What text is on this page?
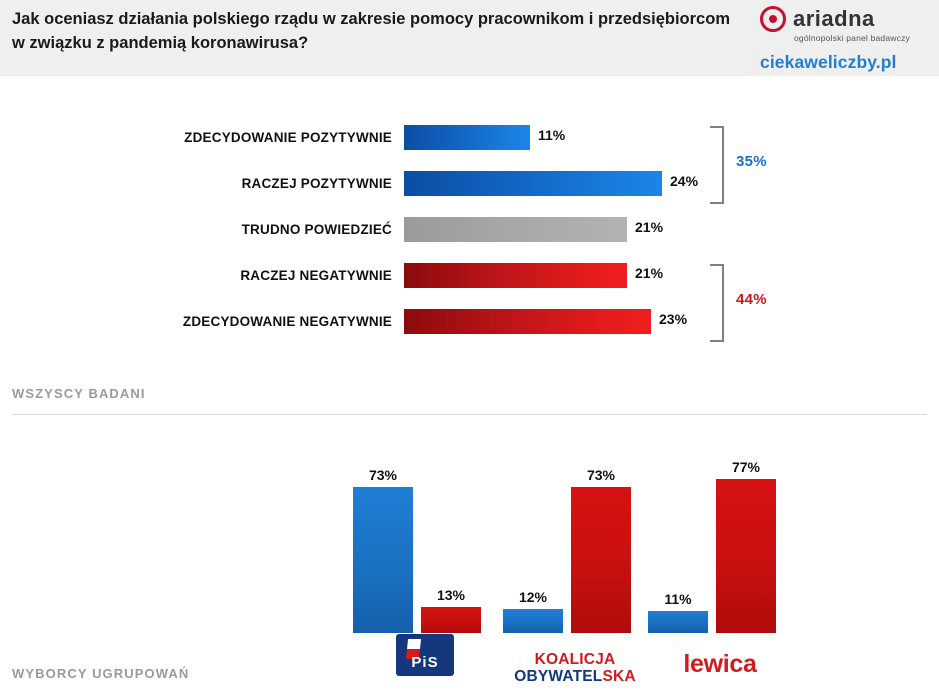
Jak oceniasz działania polskiego rządu w zakresie pomocy pracownikom i przedsiębiorcom w związku z pandemią koronawirusa?
ariadna
ogólnopolski panel badawczy
ciekaweliczby.pl
ZDECYDOWANIE POZYTYWNIE	11%
RACZEJ POZYTYWNIE	24%
TRUDNO POWIEDZIEĆ	21%
RACZEJ NEGATYWNIE	21%
ZDECYDOWANIE NEGATYWNIE	23%
35%
44%
WSZYSCY BADANI
73%
13%
PiS
12%
73%
KOALICJA
OBYWATELSKA
11%
77%
lewica
WYBORCY UGRUPOWAŃ
